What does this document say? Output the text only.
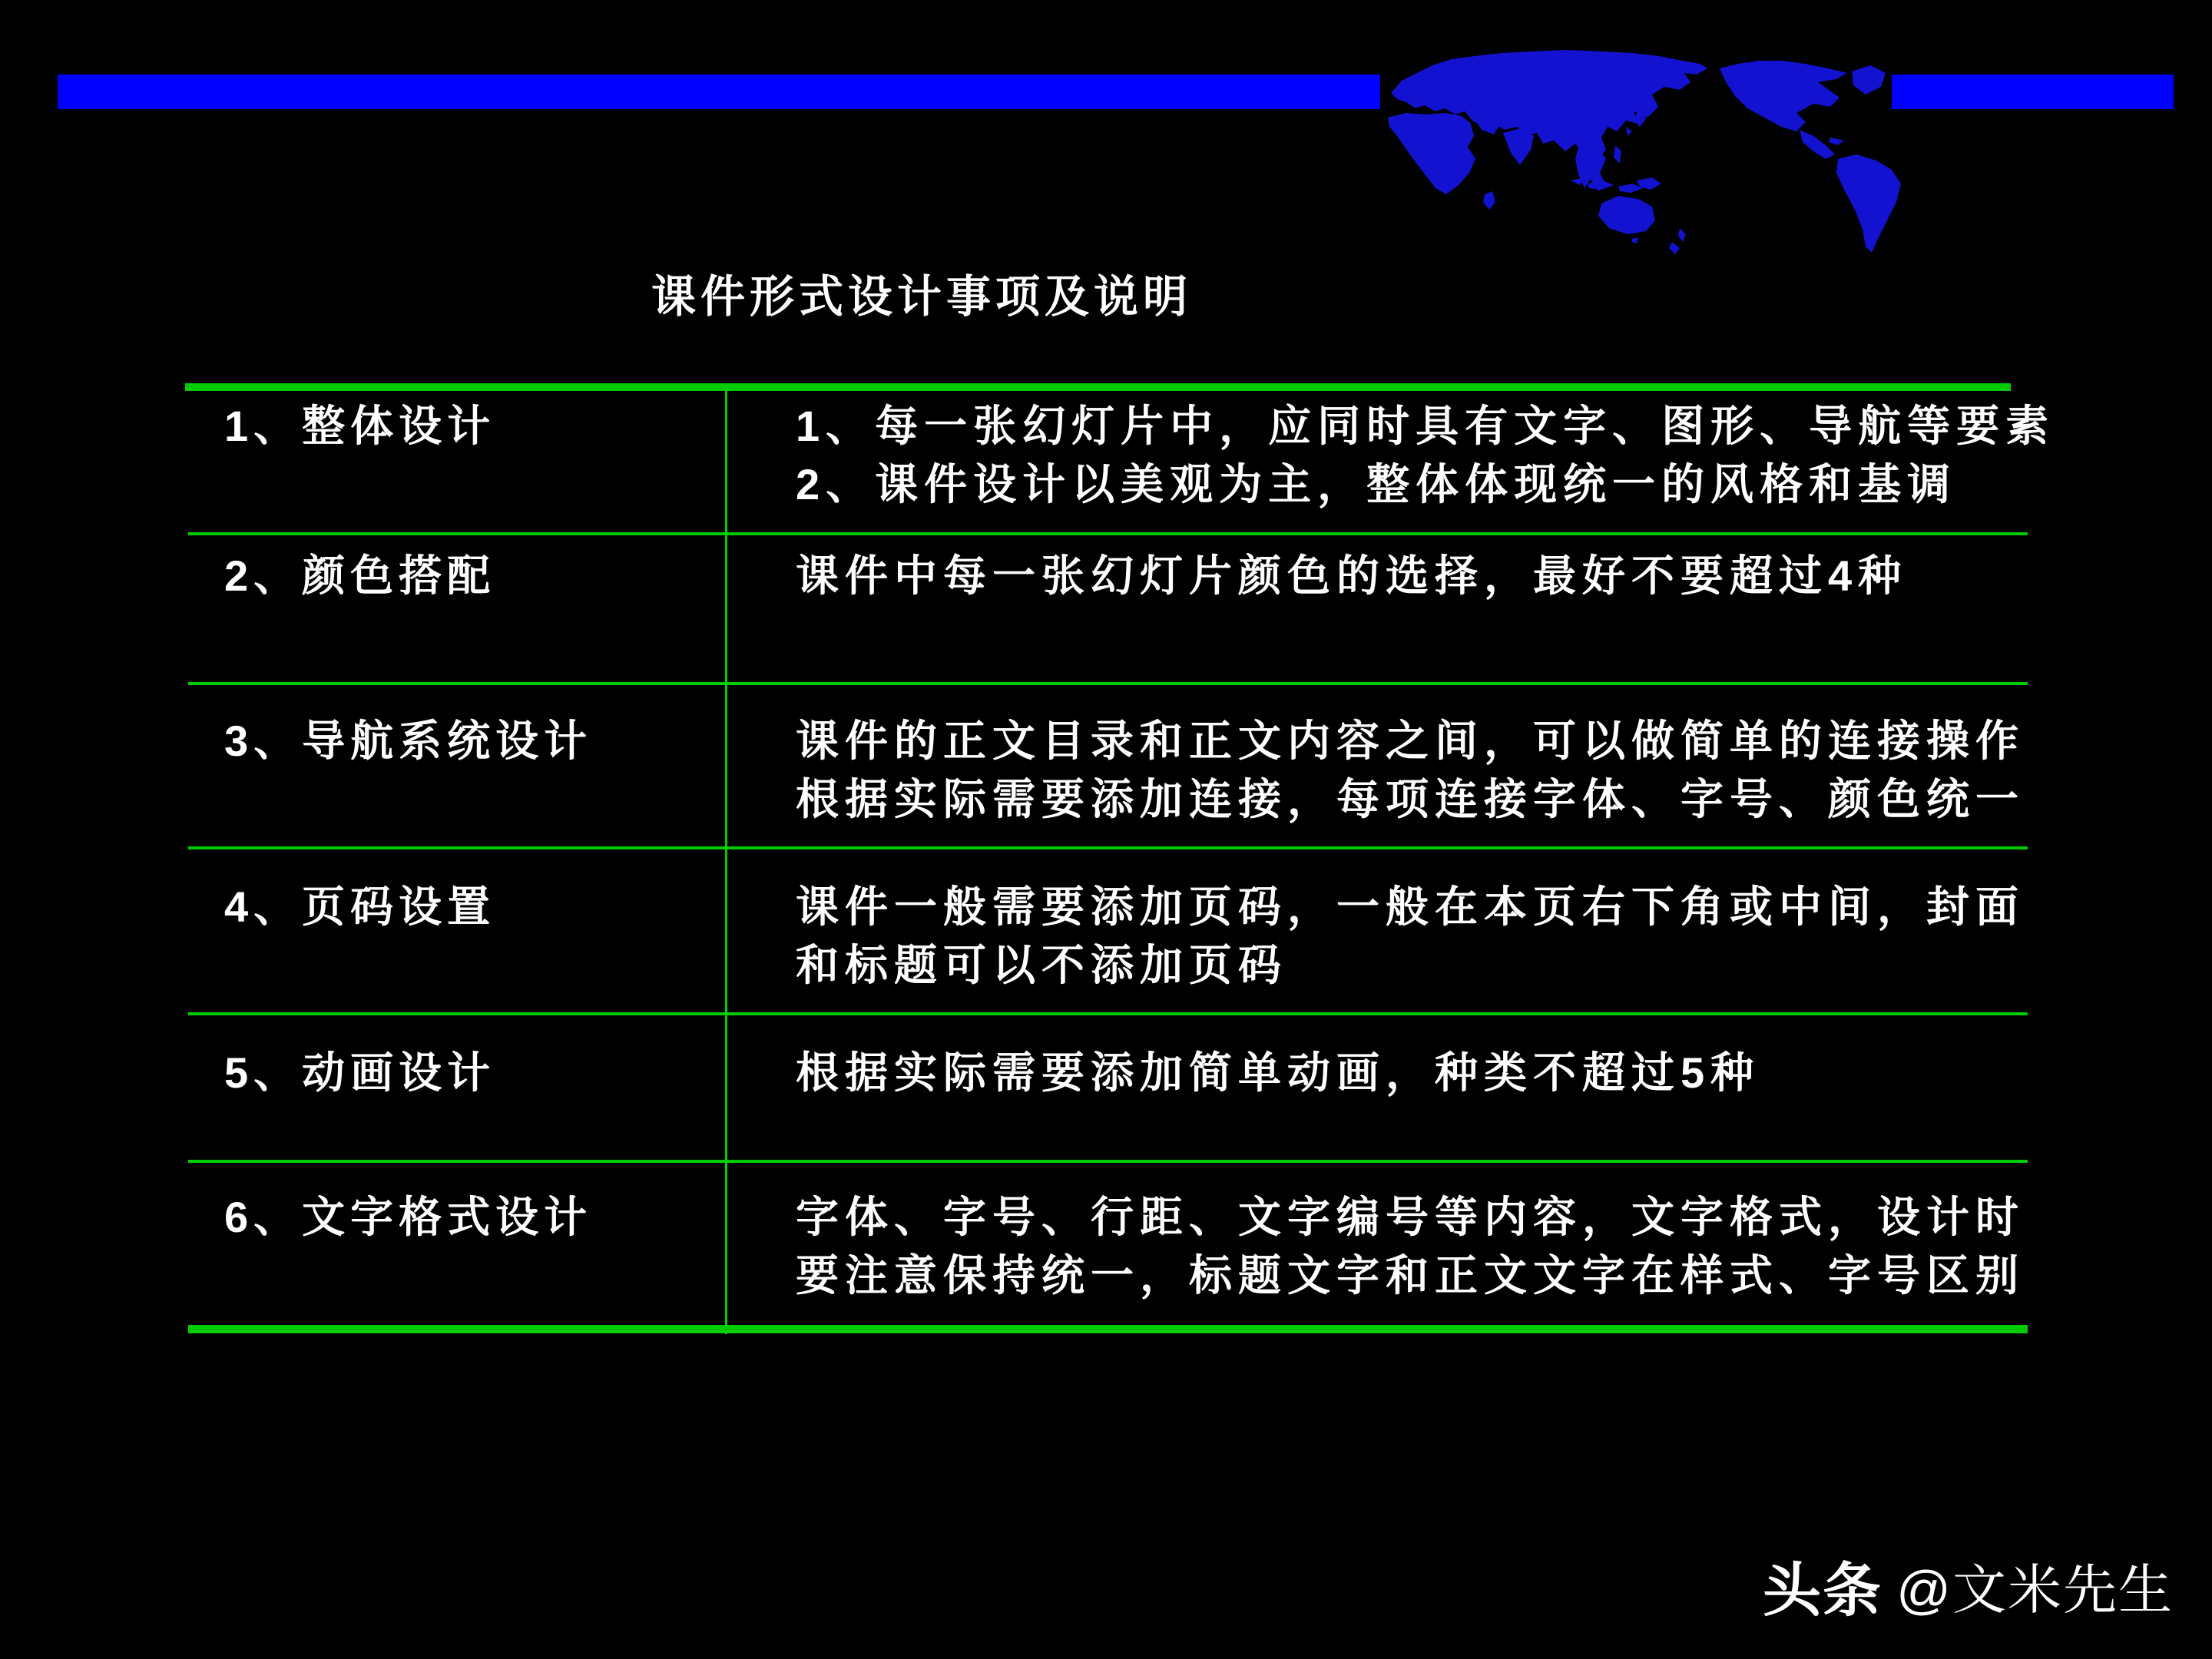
课件形式设计事项及说明
1、整体设计	1、每一张幻灯片中，应同时具有文字、图形、导航等要素
2、课件设计以美观为主，整体体现统一的风格和基调
2、颜色搭配	课件中每一张幻灯片颜色的选择，最好不要超过4种
3、导航系统设计	课件的正文目录和正文内容之间，可以做简单的连接操作
根据实际需要添加连接，每项连接字体、字号、颜色统一
4、页码设置	课件一般需要添加页码，一般在本页右下角或中间，封面
和标题可以不添加页码
5、动画设计	根据实际需要添加简单动画，种类不超过5种
6、文字格式设计	字体、字号、行距、文字编号等内容，文字格式，设计时
要注意保持统一，标题文字和正文文字在样式、字号区别
头条 @文米先生
